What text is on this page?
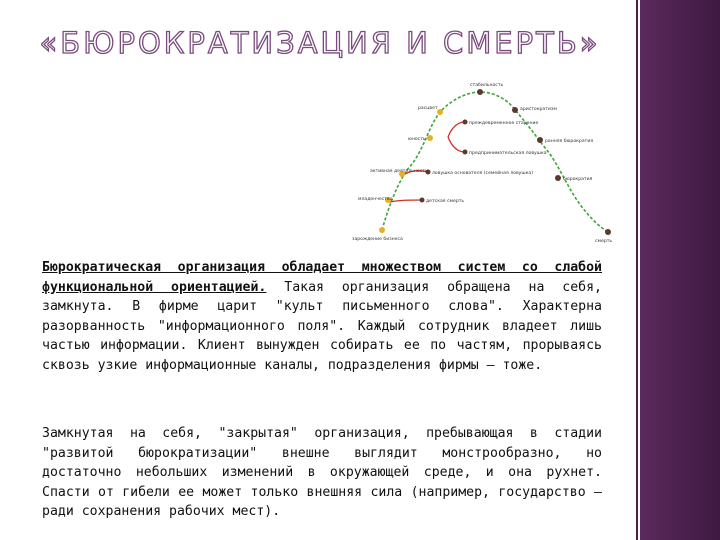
«БЮРОКРАТИЗАЦИЯ И СМЕРТЬ»
стабильность
расцвет	аристократизм
юность
преждевременное старение
предпринимательская ловушка
ранняя бюрократия
активная деятельность ловушка основателя (семейная ловушка)
бюрократия
младенчество	детская смерть
зарождение бизнеса	смерть
Бюрократическая организация обладает множеством систем со слабой функциональной ориентацией. Такая организация обращена на себя, замкнута. В фирме царит "культ письменного слова". Характерна разорванность "информационного поля". Каждый сотрудник владеет лишь частью информации. Клиент вынужден собирать ее по частям, прорываясь сквозь узкие информационные каналы, подразделения фирмы – тоже.
Замкнутая на себя, "закрытая" организация, пребывающая в стадии "развитой бюрократизации" внешне выглядит монстрообразно, но достаточно небольших изменений в окружающей среде, и она рухнет. Спасти от гибели ее может только внешняя сила (например, государство – ради сохранения рабочих мест).
